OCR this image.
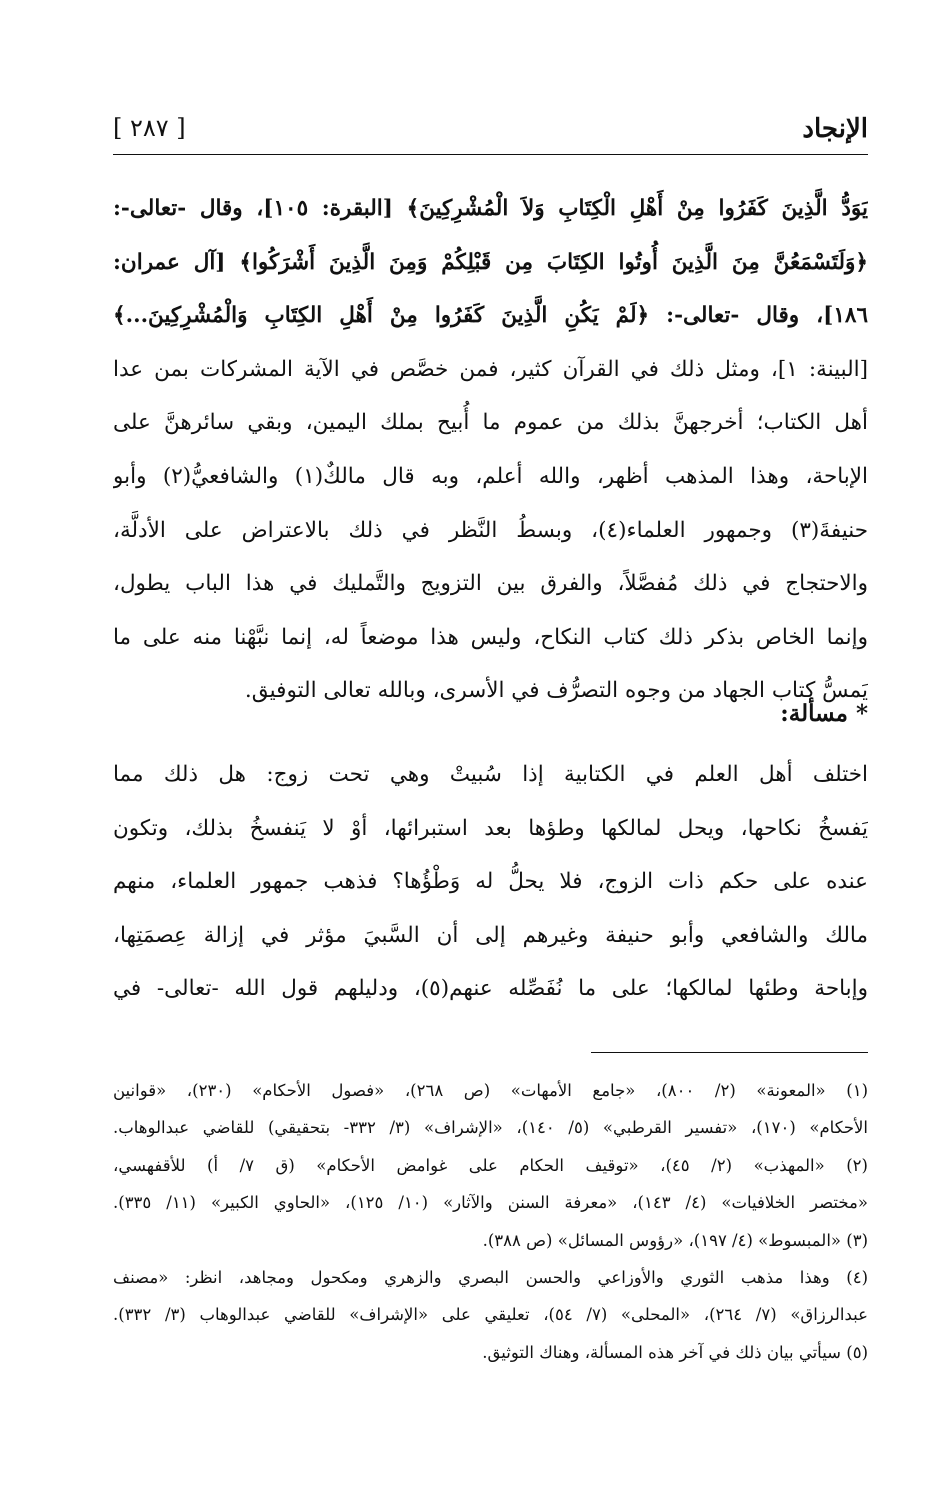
الإنجاد
[ ٢٨٧ ]
يَوَدُّ الَّذِينَ كَفَرُوا مِنْ أَهْلِ الْكِتَابِ وَلاَ الْمُشْرِكِينَ﴾ [البقرة: ١٠٥]، وقال -تعالى-:
﴿وَلَتَسْمَعُنَّ مِنَ الَّذِينَ أُوتُوا الكِتَابَ مِن قَبْلِكُمْ وَمِنَ الَّذِينَ أَشْرَكُوا﴾ [آل عمران:
١٨٦]، وقال -تعالى-: ﴿لَمْ يَكُنِ الَّذِينَ كَفَرُوا مِنْ أَهْلِ الكِتَابِ وَالْمُشْرِكِينَ...﴾
[البينة: ١]، ومثل ذلك في القرآن كثير، فمن خصَّص في الآية المشركات بمن عدا
أهل الكتاب؛ أخرجهنَّ بذلك من عموم ما أُبيح بملك اليمين، وبقي سائرهنَّ على
الإباحة، وهذا المذهب أظهر، والله أعلم، وبه قال مالكٌ(١) والشافعيُّ(٢) وأبو
حنيفةَ(٣) وجمهور العلماء(٤)، وبسطُ النَّظر في ذلك بالاعتراض على الأدلَّة،
والاحتجاج في ذلك مُفصَّلاً، والفرق بين التزويج والتَّمليك في هذا الباب يطول،
وإنما الخاص بذكر ذلك كتاب النكاح، وليس هذا موضعاً له، إنما نبَّهْنا منه على ما
يَمسُّ كتاب الجهاد من وجوه التصرُّف في الأسرى، وبالله تعالى التوفيق.
* مسألة:
اختلف أهل العلم في الكتابية إذا سُبيتْ وهي تحت زوج: هل ذلك مما
يَفسخُ نكاحها، ويحل لمالكها وطؤها بعد استبرائها، أوْ لا يَنفسخُ بذلك، وتكون
عنده على حكم ذات الزوج، فلا يحلُّ له وَطْؤُها؟ فذهب جمهور العلماء، منهم
مالك والشافعي وأبو حنيفة وغيرهم إلى أن السَّبيَ مؤثر في إزالة عِصمَتِها،
وإباحة وطئها لمالكها؛ على ما نُفَصِّله عنهم(٥)، ودليلهم قول الله -تعالى- في
(١) «المعونة» (٢/ ٨٠٠)، «جامع الأمهات» (ص ٢٦٨)، «فصول الأحكام» (٢٣٠)، «قوانين
الأحكام» (١٧٠)، «تفسير القرطبي» (٥/ ١٤٠)، «الإشراف» (٣/ ٣٣٢- بتحقيقي) للقاضي عبدالوهاب.
(٢) «المهذب» (٢/ ٤٥)، «توقيف الحكام على غوامض الأحكام» (ق ٧/ أ) للأقفهسي،
«مختصر الخلافيات» (٤/ ١٤٣)، «معرفة السنن والآثار» (١٠/ ١٢٥)، «الحاوي الكبير» (١١/ ٣٣٥).
(٣) «المبسوط» (٤/ ١٩٧)، «رؤوس المسائل» (ص ٣٨٨).
(٤) وهذا مذهب الثوري والأوزاعي والحسن البصري والزهري ومكحول ومجاهد، انظر: «مصنف
عبدالرزاق» (٧/ ٢٦٤)، «المحلى» (٧/ ٥٤)، تعليقي على «الإشراف» للقاضي عبدالوهاب (٣/ ٣٣٢).
(٥) سيأتي بيان ذلك في آخر هذه المسألة، وهناك التوثيق.
